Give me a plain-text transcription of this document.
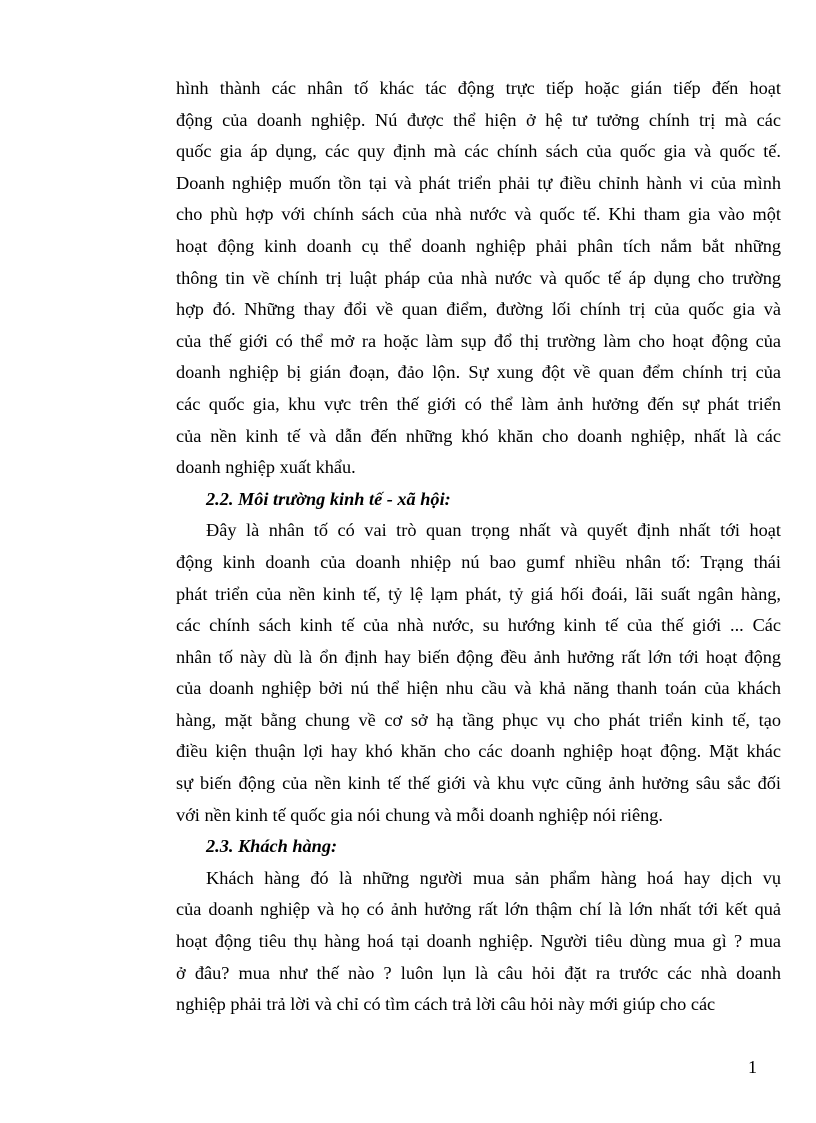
hình thành các nhân tố khác tác động trực tiếp hoặc gián tiếp đến hoạt
động của doanh nghiệp. Nú được thể hiện ở hệ tư tưởng chính trị mà các
quốc gia áp dụng, các quy định mà các chính sách của quốc gia và quốc tế.
Doanh nghiệp muốn tồn tại và phát triển phải tự điều chỉnh hành vi của mình
cho phù hợp với chính sách của nhà nước và quốc tế. Khi tham gia vào một
hoạt động kinh doanh cụ thể doanh nghiệp phải phân tích nắm bắt những
thông tin về chính trị luật pháp của nhà nước và quốc tế áp dụng cho trường
hợp đó. Những thay đổi về quan điểm, đường lối chính trị của quốc gia và
của thế giới có thể mở ra hoặc làm sụp đổ thị trường làm cho hoạt động của
doanh nghiệp bị gián đoạn, đảo lộn. Sự xung đột về quan đểm chính trị của
các quốc gia, khu vực trên thế giới có thể làm ảnh hưởng đến sự phát triển
của nền kinh tế và dẫn đến những khó khăn cho doanh nghiệp, nhất là các
doanh nghiệp xuất khẩu.
2.2. Môi trường kinh tế - xã hội:
Đây là nhân tố có vai trò quan trọng nhất và quyết định nhất tới hoạt
động kinh doanh của doanh nhiệp nú bao gumf nhiều nhân tố: Trạng thái
phát triển của nền kinh tế, tỷ lệ lạm phát, tỷ giá hối đoái, lãi suất ngân hàng,
các chính sách kinh tế của nhà nước, su hướng kinh tế của thế giới ... Các
nhân tố này dù là ổn định hay biến động đều ảnh hưởng rất lớn tới hoạt động
của doanh nghiệp bởi nú thể hiện nhu cầu và khả năng thanh toán của khách
hàng, mặt bằng chung về cơ sở hạ tầng phục vụ cho phát triển kinh tế, tạo
điều kiện thuận lợi hay khó khăn cho các doanh nghiệp hoạt động. Mặt khác
sự biến động của nền kinh tế thế giới và khu vực cũng ảnh hưởng sâu sắc đối
với nền kinh tế quốc gia nói chung và mỗi doanh nghiệp nói riêng.
2.3. Khách hàng:
Khách hàng đó là những người mua sản phẩm hàng hoá hay dịch vụ
của doanh nghiệp và họ có ảnh hưởng rất lớn thậm chí là lớn nhất tới kết quả
hoạt động tiêu thụ hàng hoá tại doanh nghiệp. Người tiêu dùng mua gì ? mua
ở đâu? mua như thế nào ? luôn lụn là câu hỏi đặt ra trước các nhà doanh
nghiệp phải trả lời và chỉ có tìm cách trả lời câu hỏi này mới giúp cho các
1
